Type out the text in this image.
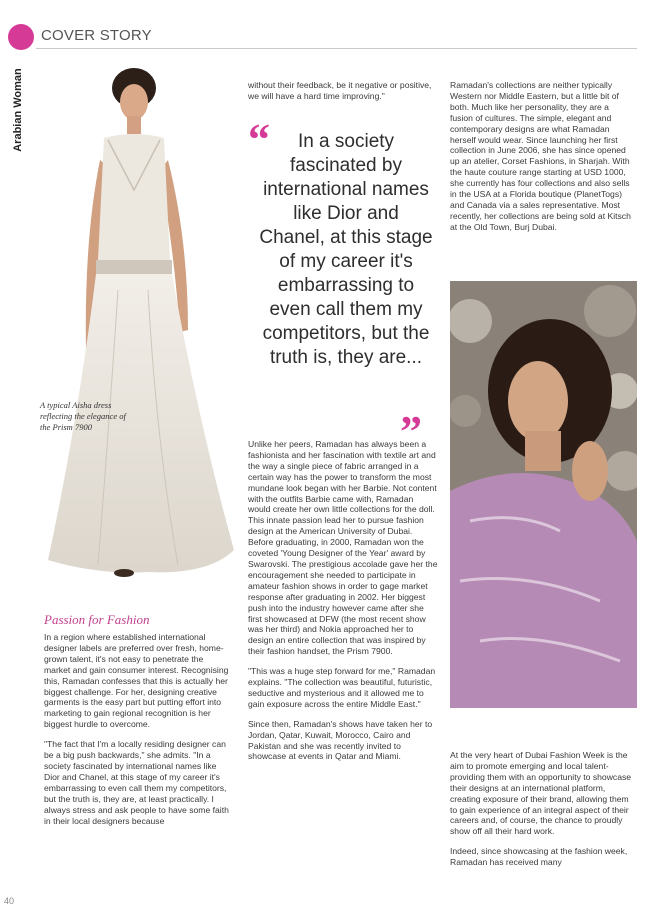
COVER STORY
Arabian Woman
A typical Aisha dress reflecting the elegance of the Prism 7900
Passion for Fashion

In a region where established international designer labels are preferred over fresh, home-grown talent, it's not easy to penetrate the market and gain consumer interest. Recognising this, Ramadan confesses that this is actually her biggest challenge. For her, designing creative garments is the easy part but putting effort into marketing to gain regional recognition is her biggest hurdle to overcome.

"The fact that I'm a locally residing designer can be a big push backwards," she admits. "In a society fascinated by international names like Dior and Chanel, at this stage of my career it's embarrassing to even call them my competitors, but the truth is, they are, at least practically. I always stress and ask people to have some faith in their local designers because

without their feedback, be it negative or positive, we will have a hard time improving."

“	In a society fascinated by international names like Dior and Chanel, at this stage of my career it's embarrassing to even call them my competitors, but the truth is, they are...
”

Unlike her peers, Ramadan has always been a fashionista and her fascination with textile art and the way a single piece of fabric arranged in a certain way has the power to transform the most mundane look began with her Barbie. Not content with the outfits Barbie came with, Ramadan would create her own little collections for the doll. This innate passion lead her to pursue fashion design at the American University of Dubai. Before graduating, in 2000, Ramadan won the coveted 'Young Designer of the Year' award by Swarovski. The prestigious accolade gave her the encouragement she needed to participate in amateur fashion shows in order to gage market response after graduating in 2002. Her biggest push into the industry however came after she first showcased at DFW (the most recent show was her third) and Nokia approached her to design an entire collection that was inspired by their fashion handset, the Prism 7900.

"This was a huge step forward for me," Ramadan explains. "The collection was beautiful, futuristic, seductive and mysterious and it allowed me to gain exposure across the entire Middle East."

Since then, Ramadan's shows have taken her to Jordan, Qatar, Kuwait, Morocco, Cairo and Pakistan and she was recently invited to showcase at events in Qatar and Miami.

Ramadan's collections are neither typically Western nor Middle Eastern, but a little bit of both. Much like her personality, they are a fusion of cultures. The simple, elegant and contemporary designs are what Ramadan herself would wear. Since launching her first collection in June 2006, she has since opened up an atelier, Corset Fashions, in Sharjah. With the haute couture range starting at USD 1000, she currently has four collections and also sells in the USA at a Florida boutique (PlanetTogs) and Canada via a sales representative. Most recently, her collections are being sold at Kitsch at the Old Town, Burj Dubai.

At the very heart of Dubai Fashion Week is the aim to promote emerging and local talent- providing them with an opportunity to showcase their designs at an international platform, creating exposure of their brand, allowing them to gain experience of an integral aspect of their careers and, of course, the chance to proudly show off all their hard work.

Indeed, since showcasing at the fashion week, Ramadan has received many

40
